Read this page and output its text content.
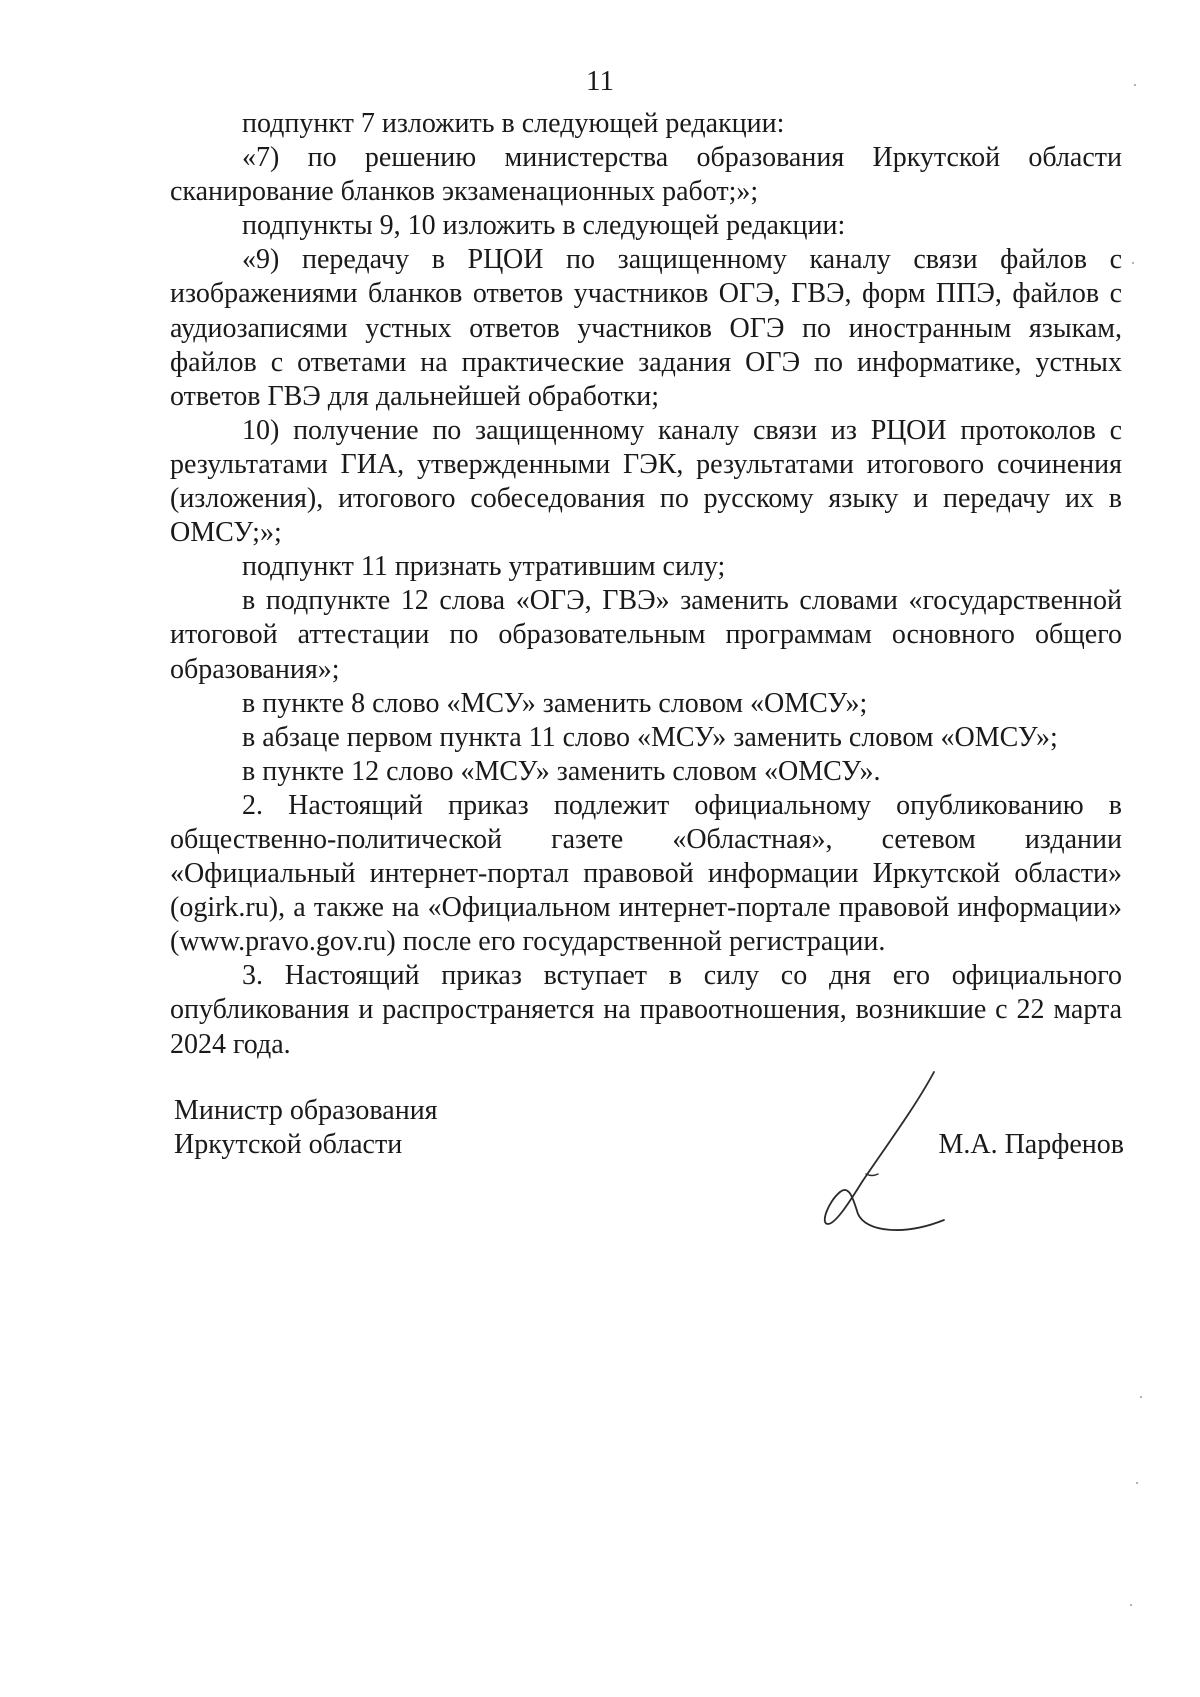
11

подпункт 7 изложить в следующей редакции:

«7) по решению министерства образования Иркутской области сканирование бланков экзаменационных работ;»;

подпункты 9, 10 изложить в следующей редакции:

«9) передачу в РЦОИ по защищенному каналу связи файлов с изображениями бланков ответов участников ОГЭ, ГВЭ, форм ППЭ, файлов с аудиозаписями устных ответов участников ОГЭ по иностранным языкам, файлов с ответами на практические задания ОГЭ по информатике, устных ответов ГВЭ для дальнейшей обработки;

10) получение по защищенному каналу связи из РЦОИ протоколов с результатами ГИА, утвержденными ГЭК, результатами итогового сочинения (изложения), итогового собеседования по русскому языку и передачу их в ОМСУ;»;

подпункт 11 признать утратившим силу;

в подпункте 12 слова «ОГЭ, ГВЭ» заменить словами «государственной итоговой аттестации по образовательным программам основного общего образования»;

в пункте 8 слово «МСУ» заменить словом «ОМСУ»;

в абзаце первом пункта 11 слово «МСУ» заменить словом «ОМСУ»;

в пункте 12 слово «МСУ» заменить словом «ОМСУ».

2. Настоящий приказ подлежит официальному опубликованию в общественно-политической газете «Областная», сетевом издании «Официальный интернет-портал правовой информации Иркутской области» (ogirk.ru), а также на «Официальном интернет-портале правовой информации» (www.pravo.gov.ru) после его государственной регистрации.

3. Настоящий приказ вступает в силу со дня его официального опубликования и распространяется на правоотношения, возникшие с 22 марта 2024 года.

Министр образования
Иркутской области	М.А. Парфенов
